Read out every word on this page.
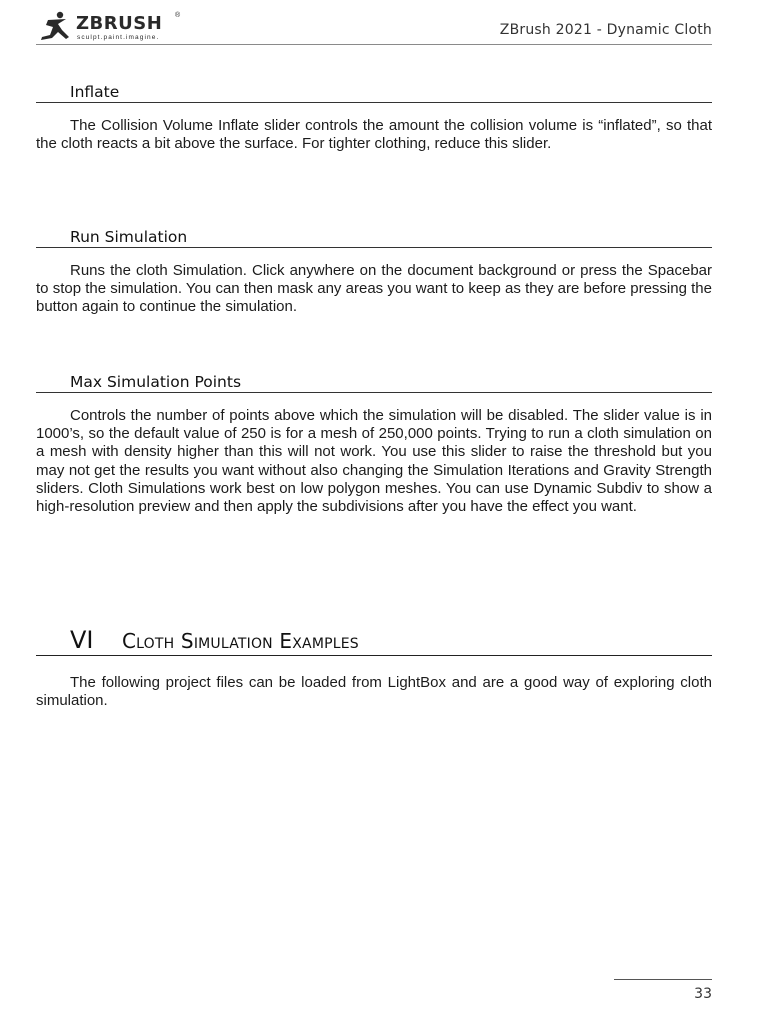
ZBRUSH ®
sculpt.paint.imagine.	ZBrush 2021 - Dynamic Cloth
Inflate

The Collision Volume Inflate slider controls the amount the collision volume is “inflated”, so that the cloth reacts a bit above the surface. For tighter clothing, reduce this slider.

Run Simulation

Runs the cloth Simulation. Click anywhere on the document background or press the Spacebar to stop the simulation. You can then mask any areas you want to keep as they are before pressing the button again to continue the simulation.

Max Simulation Points

Controls the number of points above which the simulation will be disabled. The slider value is in 1000’s, so the default value of 250 is for a mesh of 250,000 points. Trying to run a cloth simulation on a mesh with density higher than this will not work. You use this slider to raise the threshold but you may not get the results you want without also changing the Simulation Iterations and Gravity Strength sliders. Cloth Simulations work best on low polygon meshes. You can use Dynamic Subdiv to show a high-resolution preview and then apply the subdivisions after you have the effect you want.

VI Cloth Simulation Examples

The following project files can be loaded from LightBox and are a good way of exploring cloth simulation.

33
